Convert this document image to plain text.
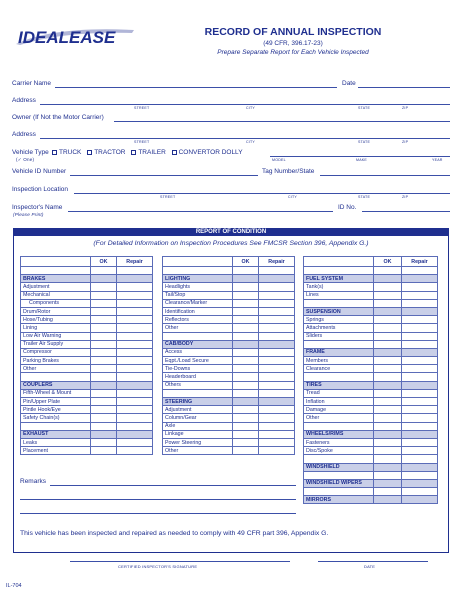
IDEALEASE	RECORD OF ANNUAL INSPECTION
(49 CFR, 396.17-23)
Prepare Separate Report for Each Vehicle Inspected
Carrier Name	Date
Address
STREET	CITY	STATE	ZIP
Owner (If Not the Motor Carrier)
Address
STREET	CITY	STATE	ZIP
Vehicle Type	TRUCK TRACTOR TRAILER CONVERTOR DOLLY
(✓ One)	MODEL	MAKE	YEAR
Vehicle ID Number	Tag Number/State
Inspection Location
STREET	CITY	STATE	ZIP
Inspector's Name
(Please Print)
ID No.
REPORT OF CONDITION
(For Detailed Information on Inspection Procedures See FMCSR Section 396, Appendix G.)
	OK	Repair

BRAKES		
Adjustment		
Mechanical		
Components		
Drum/Rotor		
Hose/Tubing		
Lining		
Low Air Warning		
Trailer Air Supply		
Compressor		
Parking Brakes		
Other		

COUPLERS		
Fifth-Wheel & Mount		
Pin/Upper Plate		
Pintle Hook/Eye		
Safety Chain(s)		

EXHAUST		
Leaks		
Placement		
	OK	Repair

LIGHTING		
Headlights		
Tail/Stop		
Clearance/Marker		
Identification		
Reflectors		
Other		

CAB/BODY		
Access		
Eqpt./Load Secure		
Tie-Downs		
Headerboard		
Others		

STEERING		
Adjustment		
Column/Gear		
Axle		
Linkage		
Power Steering		
Other		
	OK	Repair

FUEL SYSTEM		
Tank(s)		
Lines		

SUSPENSION		
Springs		
Attachments		
Sliders		

FRAME		
Members		
Clearance		

TIRES		
Tread		
Inflation		
Damage		
Other		

WHEELS/RIMS		
Fasteners		
Disc/Spoke		

WINDSHIELD		

WINDSHIELD WIPERS		

MIRRORS		
Remarks
This vehicle has been inspected and repaired as needed to comply with 49 CFR part 396, Appendix G.
CERTIFIED INSPECTOR'S SIGNATURE	DATE
IL-704
